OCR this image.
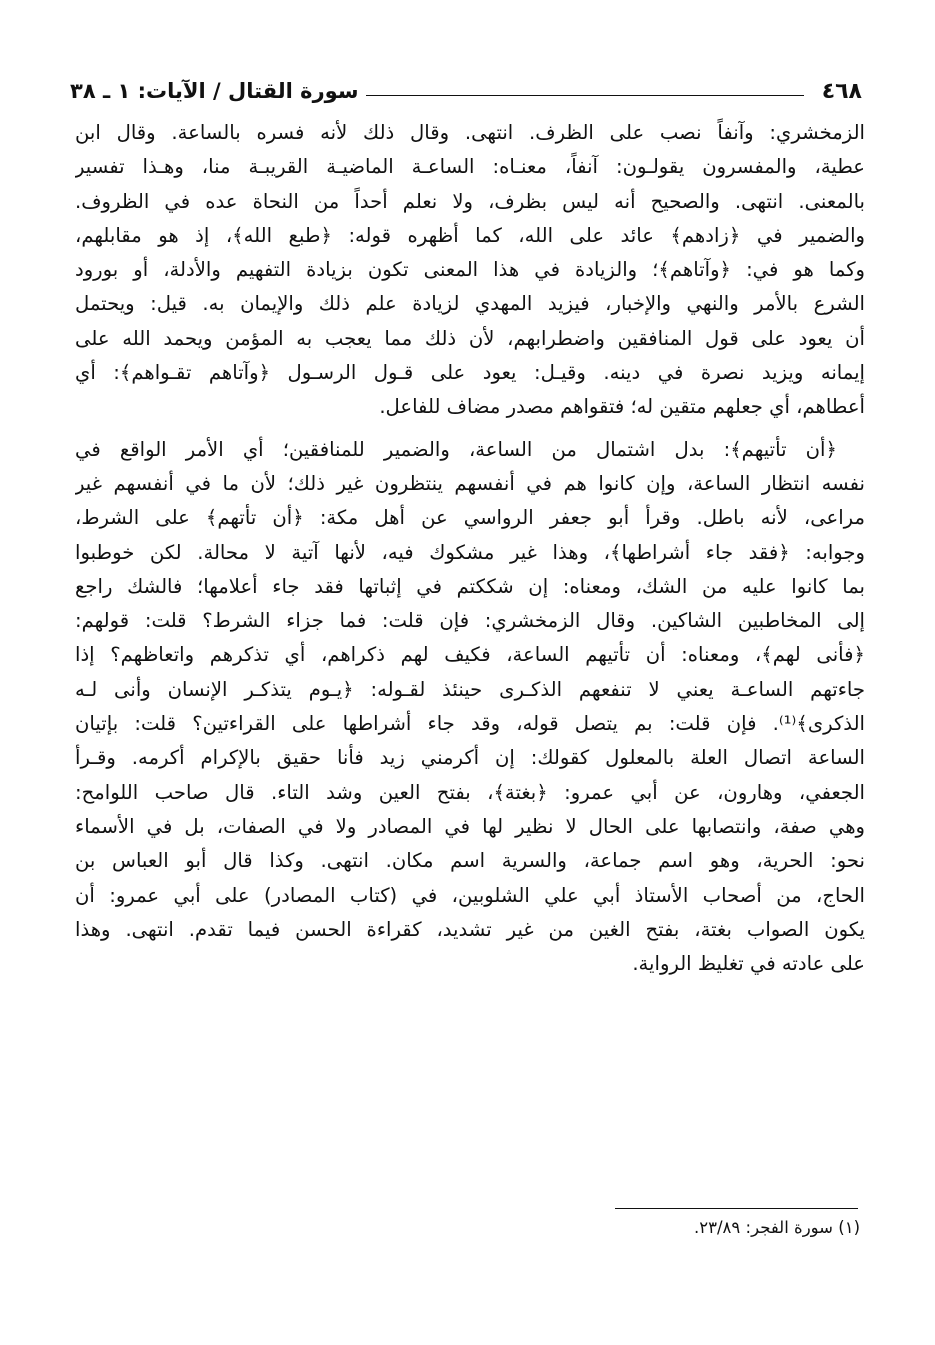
٤٦٨
سورة القتال / الآيات: ١ ـ ٣٨
الزمخشري: وآنفاً نصب على الظرف. انتهى. وقال ذلك لأنه فسره بالساعة. وقال ابن
عطية، والمفسرون يقولـون: آنفاً، معنـاه: الساعـة الماضيـة القريبـة منا، وهـذا تفسير
بالمعنى. انتهى. والصحيح أنه ليس بظرف، ولا نعلم أحداً من النحاة عده في الظروف.
والضمير في ﴿زادهم﴾ عائد على الله، كما أظهره قوله: ﴿طبع الله﴾، إذ هو مقابلهم،
وكما هو في: ﴿وآتاهم﴾؛ والزيادة في هذا المعنى تكون بزيادة التفهيم والأدلة، أو بورود
الشرع بالأمر والنهي والإخبار، فيزيد المهدي لزيادة علم ذلك والإيمان به. قيل: ويحتمل
أن يعود على قول المنافقين واضطرابهم، لأن ذلك مما يعجب به المؤمن ويحمد الله على
إيمانه ويزيد نصرة في دينه. وقيـل: يعود على قـول الرسـول ﴿وآتاهم تقـواهم﴾: أي
أعطاهم، أي جعلهم متقين له؛ فتقواهم مصدر مضاف للفاعل.
﴿أن تأتيهم﴾: بدل اشتمال من الساعة، والضمير للمنافقين؛ أي الأمر الواقع في
نفسه انتظار الساعة، وإن كانوا هم في أنفسهم ينتظرون غير ذلك؛ لأن ما في أنفسهم غير
مراعى، لأنه باطل. وقرأ أبو جعفر الرواسي عن أهل مكة: ﴿أن تأتهم﴾ على الشرط،
وجوابه: ﴿فقد جاء أشراطها﴾، وهذا غير مشكوك فيه، لأنها آتية لا محالة. لكن خوطبوا
بما كانوا عليه من الشك، ومعناه: إن شككتم في إثباتها فقد جاء أعلامها؛ فالشك راجع
إلى المخاطبين الشاكين. وقال الزمخشري: فإن قلت: فما جزاء الشرط؟ قلت: قولهم:
﴿فأنى لهم﴾، ومعناه: أن تأتيهم الساعة، فكيف لهم ذكراهم، أي تذكرهم واتعاظهم؟ إذا
جاءتهم الساعـة يعني لا تنفعهم الذكـرى حينئذ لقـوله: ﴿يـوم يتذكـر الإنسان وأنى لـه
الذكرى﴾⁽¹⁾. فإن قلت: بم يتصل قوله، وقد جاء أشراطها على القراءتين؟ قلت: بإتيان
الساعة اتصال العلة بالمعلول كقولك: إن أكرمني زيد فأنا حقيق بالإكرام أكرمه. وقـرأ
الجعفي، وهارون، عن أبي عمرو: ﴿بغتة﴾، بفتح العين وشد التاء. قال صاحب اللوامح:
وهي صفة، وانتصابها على الحال لا نظير لها في المصادر ولا في الصفات، بل في الأسماء
نحو: الحرية، وهو اسم جماعة، والسرية اسم مكان. انتهى. وكذا قال أبو العباس بن
الحاج، من أصحاب الأستاذ أبي علي الشلوبين، في (كتاب المصادر) على أبي عمرو: أن
يكون الصواب بغتة، بفتح الغين من غير تشديد، كقراءة الحسن فيما تقدم. انتهى. وهذا
على عادته في تغليظ الرواية.
(١) سورة الفجر: ٢٣/٨٩.
